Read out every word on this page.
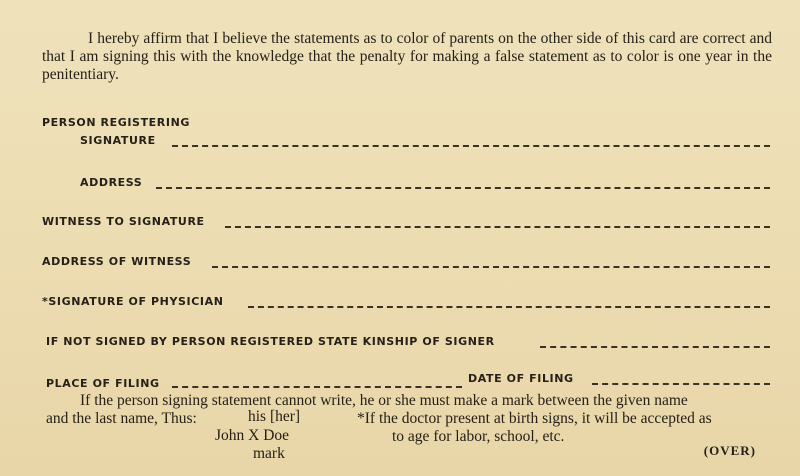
I hereby affirm that I believe the statements as to color of parents on the other side of this card are correct and that I am signing this with the knowledge that the penalty for making a false statement as to color is one year in the penitentiary.

PERSON REGISTERING
SIGNATURE
ADDRESS
WITNESS TO SIGNATURE
ADDRESS OF WITNESS
*SIGNATURE OF PHYSICIAN
IF NOT SIGNED BY PERSON REGISTERED STATE KINSHIP OF SIGNER
PLACE OF FILING	DATE OF FILING
If the person signing statement cannot write, he or she must make a mark between the given name
and the last name, Thus:	his [her]
John X Doe
mark
*If the doctor present at birth signs, it will be accepted as
to age for labor, school, etc.
(OVER)
